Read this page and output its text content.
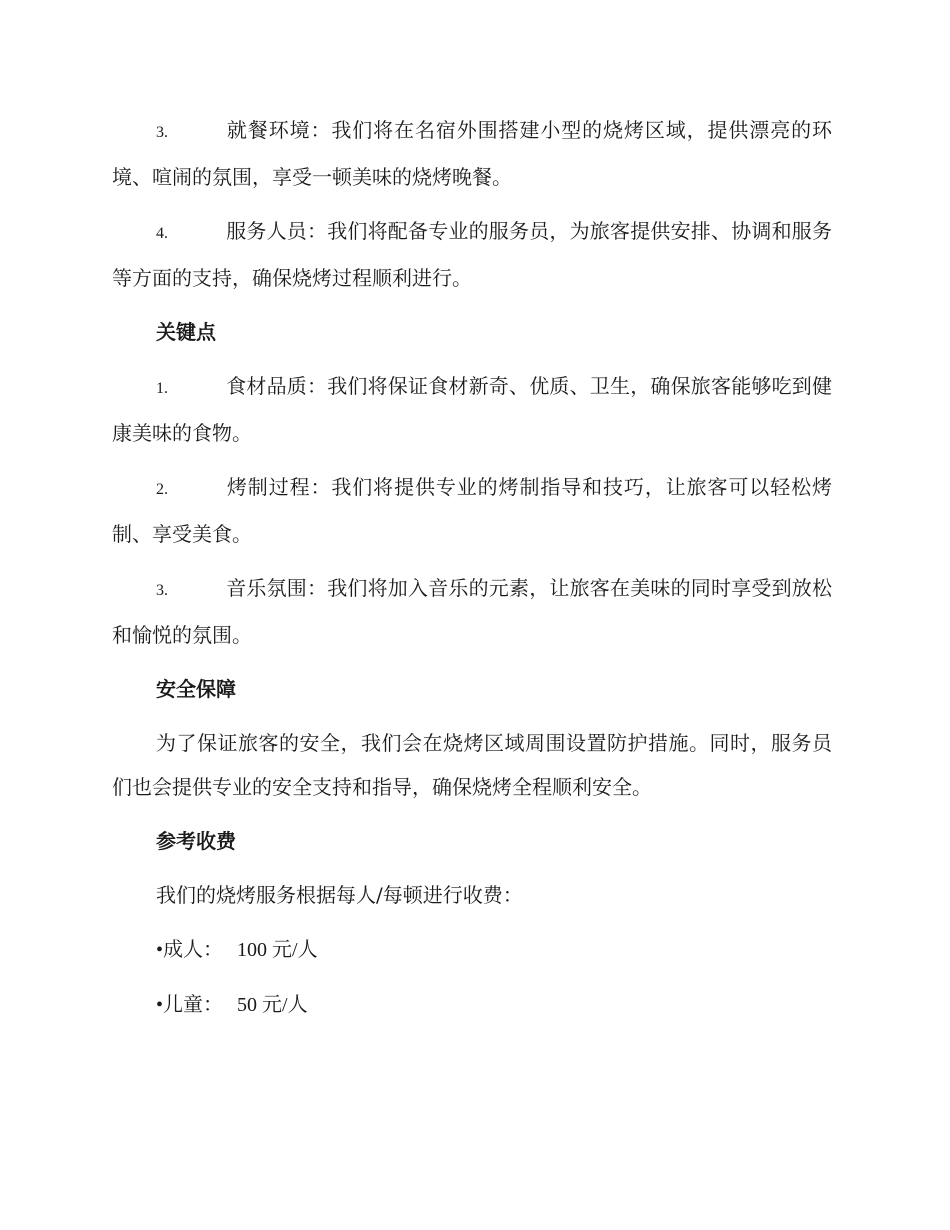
3.	就餐环境：我们将在名宿外围搭建小型的烧烤区域，提供漂亮的环境、喧闹的氛围，享受一顿美味的烧烤晚餐。

4.	服务人员：我们将配备专业的服务员，为旅客提供安排、协调和服务等方面的支持，确保烧烤过程顺利进行。

关键点

1.	食材品质：我们将保证食材新奇、优质、卫生，确保旅客能够吃到健康美味的食物。

2.	烤制过程：我们将提供专业的烤制指导和技巧，让旅客可以轻松烤制、享受美食。

3.	音乐氛围：我们将加入音乐的元素，让旅客在美味的同时享受到放松和愉悦的氛围。

安全保障

为了保证旅客的安全，我们会在烧烤区域周围设置防护措施。同时，服务员们也会提供专业的安全支持和指导，确保烧烤全程顺利安全。

参考收费
我们的烧烤服务根据每人/每顿进行收费：
•成人： 100 元/人
•儿童： 50 元/人
